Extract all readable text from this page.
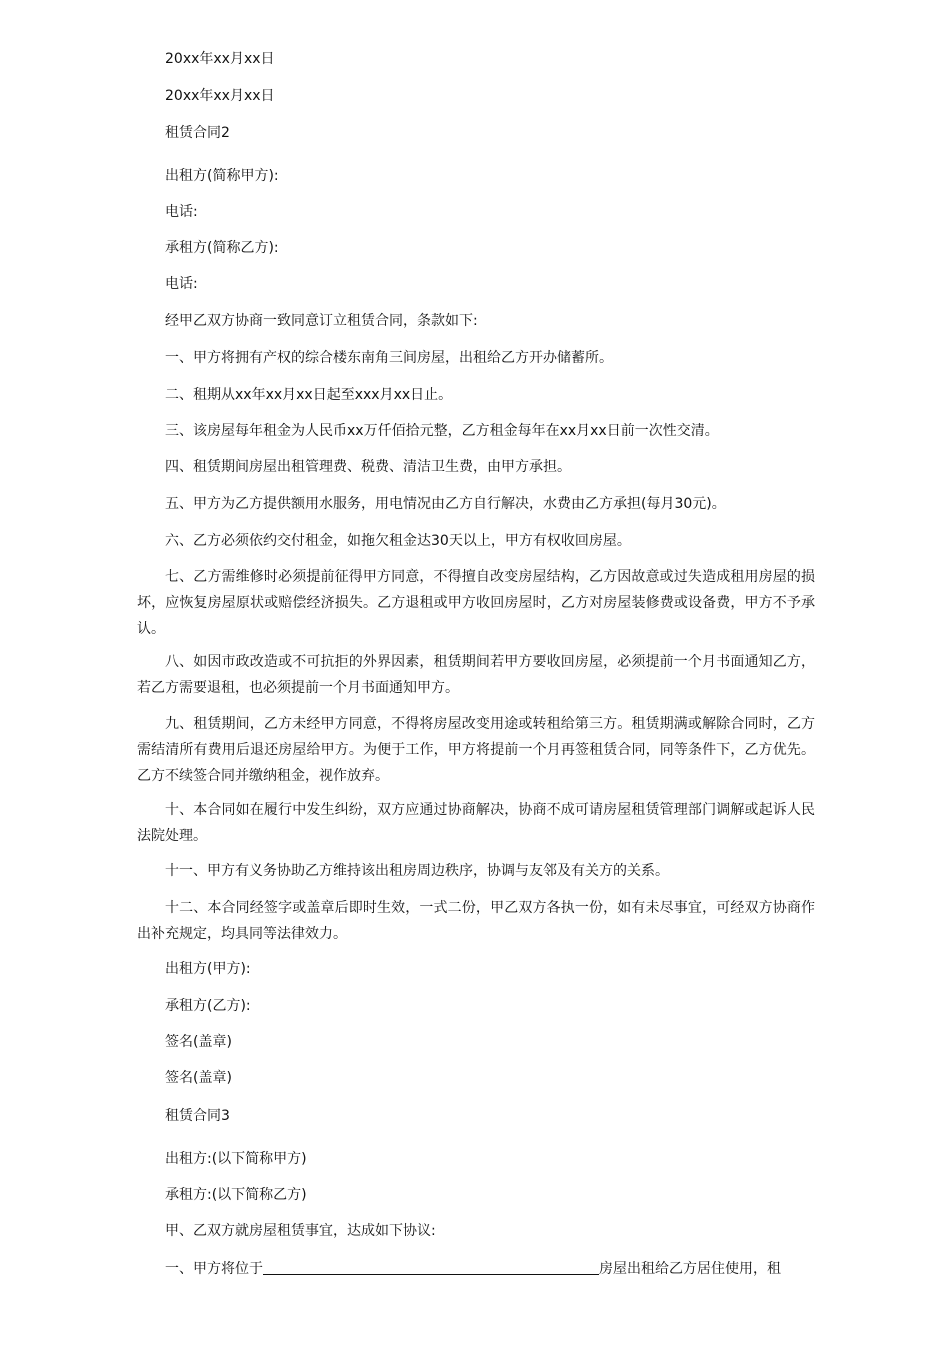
20xx年xx月xx日
20xx年xx月xx日
租赁合同2
出租方(简称甲方):
电话:
承租方(简称乙方):
电话:
经甲乙双方协商一致同意订立租赁合同，条款如下:
一、甲方将拥有产权的综合楼东南角三间房屋，出租给乙方开办储蓄所。
二、租期从xx年xx月xx日起至xxx月xx日止。
三、该房屋每年租金为人民币xx万仟佰拾元整，乙方租金每年在xx月xx日前一次性交清。
四、租赁期间房屋出租管理费、税费、清洁卫生费，由甲方承担。
五、甲方为乙方提供额用水服务，用电情况由乙方自行解决，水费由乙方承担(每月30元)。
六、乙方必须依约交付租金，如拖欠租金达30天以上，甲方有权收回房屋。
七、乙方需维修时必须提前征得甲方同意，不得擅自改变房屋结构，乙方因故意或过失造成租用房屋的损坏，应恢复房屋原状或赔偿经济损失。乙方退租或甲方收回房屋时，乙方对房屋装修费或设备费，甲方不予承认。
八、如因市政改造或不可抗拒的外界因素，租赁期间若甲方要收回房屋，必须提前一个月书面通知乙方，若乙方需要退租，也必须提前一个月书面通知甲方。
九、租赁期间，乙方未经甲方同意，不得将房屋改变用途或转租给第三方。租赁期满或解除合同时，乙方需结清所有费用后退还房屋给甲方。为便于工作，甲方将提前一个月再签租赁合同，同等条件下，乙方优先。乙方不续签合同并缴纳租金，视作放弃。
十、本合同如在履行中发生纠纷，双方应通过协商解决，协商不成可请房屋租赁管理部门调解或起诉人民法院处理。
十一、甲方有义务协助乙方维持该出租房周边秩序，协调与友邻及有关方的关系。
十二、本合同经签字或盖章后即时生效，一式二份，甲乙双方各执一份，如有未尽事宜，可经双方协商作出补充规定，均具同等法律效力。
出租方(甲方):
承租方(乙方):
签名(盖章)
签名(盖章)
租赁合同3
出租方:(以下简称甲方)
承租方:(以下简称乙方)
甲、乙双方就房屋租赁事宜，达成如下协议:
一、甲方将位于	房屋出租给乙方居住使用，租
